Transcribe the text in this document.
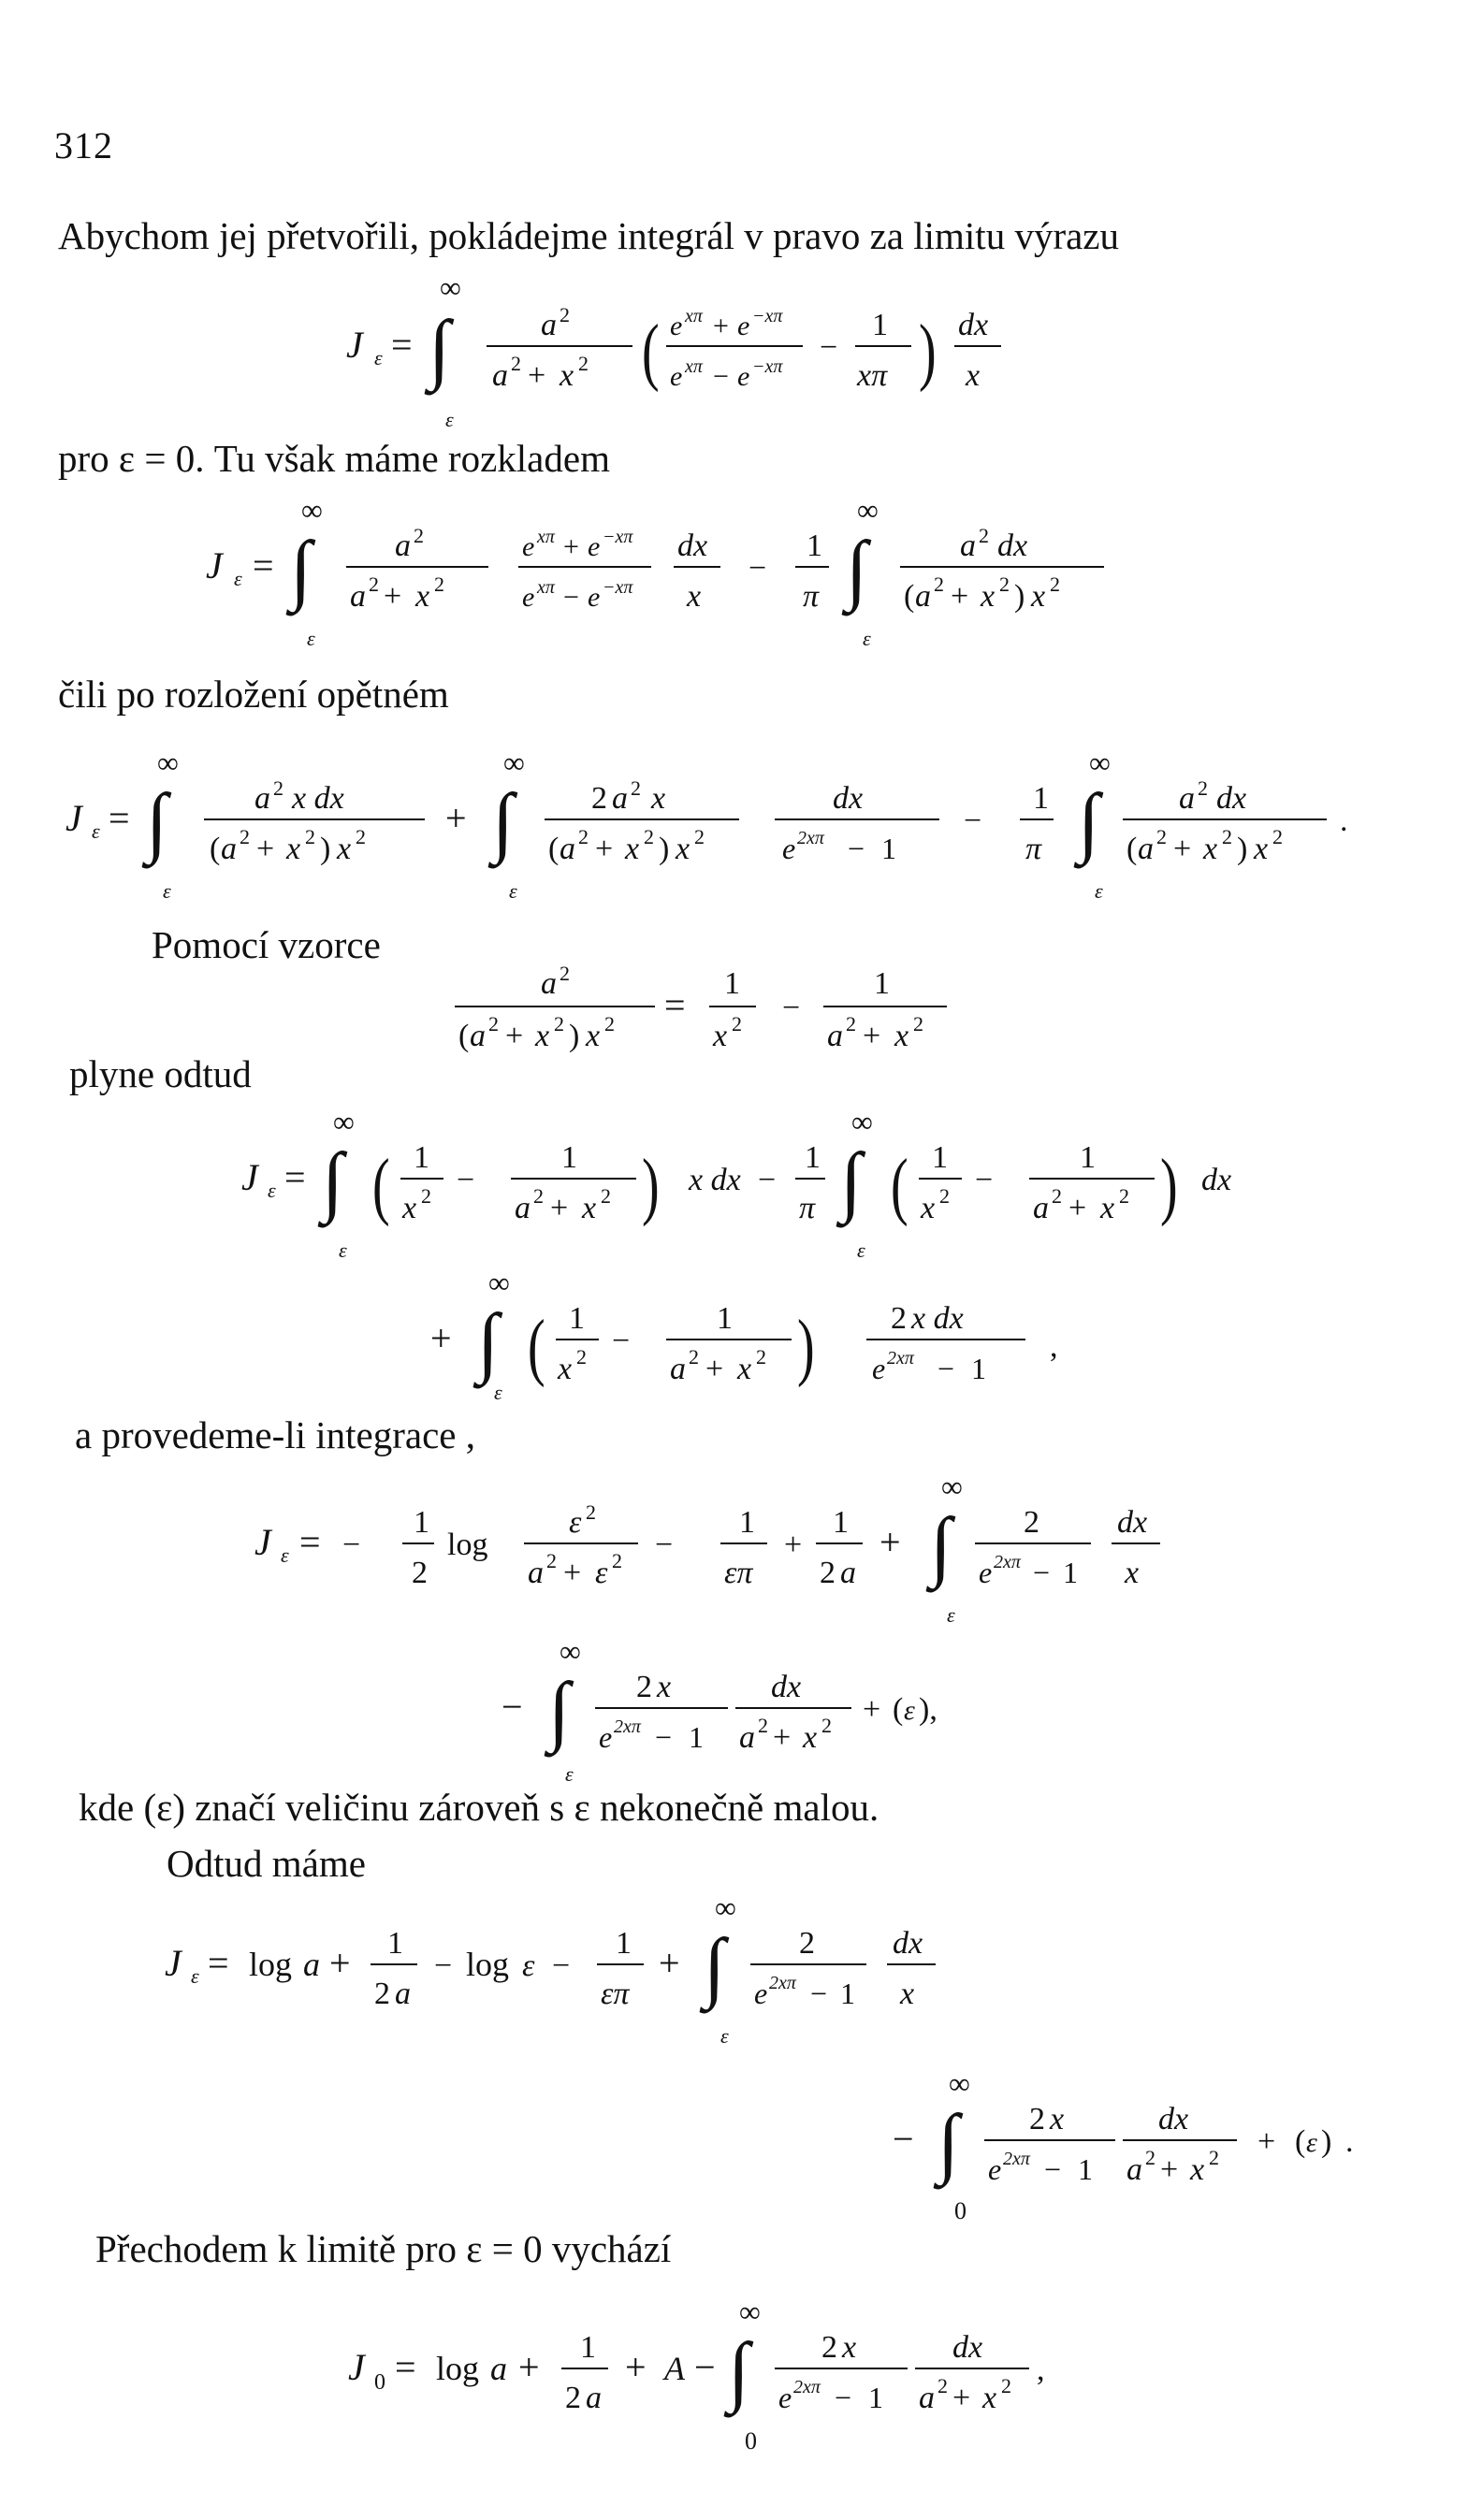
312
Abychom jej přetvořili, pokládejme integrál v pravo za limitu výrazu
J ε = ∫
∞
ε
a 2
a 2 + x 2 ( e xπ + e −xπ
e xπ − e −xπ
−
1
xπ ) dx
x
pro ε = 0. Tu však máme rozkladem
J ε = ∫
∞
ε
a 2
a 2 + x 2
e xπ + e −xπ
e xπ − e −xπ
dx
x
−
1
π ∫
∞
ε
a 2 dx
( a 2 + x 2 ) x 2
čili po rozložení opětném
J ε = ∫
∞
ε
a 2 x dx
( a 2 + x 2 ) x 2 + ∫
∞
ε
2 a 2 x
( a 2 + x 2 ) x 2
dx
e 2xπ − 1
−
1
π ∫
∞
ε
a 2 dx
( a 2 + x 2 ) x 2 .
Pomocí vzorce
a 2
( a 2 + x 2 ) x 2 =
1
x 2 −
1
a 2 + x 2
plyne odtud
J ε = ∫
∞
ε
( 1
x 2 −
1
a 2 + x 2 ) x dx −
1
π ∫
∞
ε
( 1
x 2 −
1
a 2 + x 2 ) dx
+ ∫
∞
ε
( 1
x 2 −
1
a 2 + x 2 ) 2 x dx
e 2xπ − 1
,
a provedeme-li integrace ,
J ε = −
1
2
log
ε 2
a 2 + ε 2 −
1
επ
+
1
2 a
+ ∫
∞
ε
2
e 2xπ − 1
dx
x
− ∫
∞
ε
2 x
e 2xπ − 1
dx
a 2 + x 2 + ( ε ),
kde (ε) značí veličinu zároveň s ε nekonečně malou.
Odtud máme
J ε = log a + 1
2 a
− log ε −
1
επ
+ ∫
∞
ε
2
e 2xπ − 1
dx
x
− ∫
∞
0
2 x
e 2xπ − 1
dx
a 2 + x 2 + ( ε ) .
Přechodem k limitě pro ε = 0 vychází
J 0 = log a + 1
2 a
+ A − ∫
∞
0
2 x
e 2xπ − 1
dx
a 2 + x 2 ,
